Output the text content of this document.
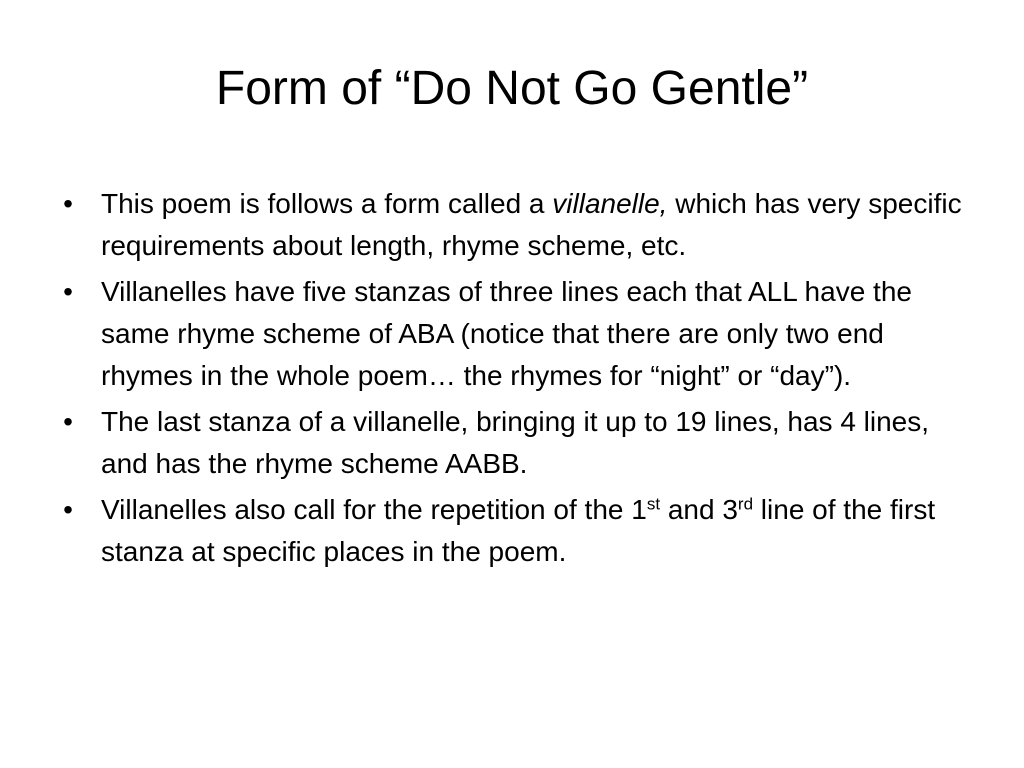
Form of “Do Not Go Gentle”
• This poem is follows a form called a villanelle, which has very specific requirements about length, rhyme scheme, etc.
• Villanelles have five stanzas of three lines each that ALL have the same rhyme scheme of ABA (notice that there are only two end rhymes in the whole poem… the rhymes for “night” or “day”).
• The last stanza of a villanelle, bringing it up to 19 lines, has 4 lines, and has the rhyme scheme AABB.
• Villanelles also call for the repetition of the 1st and 3rd line of the first stanza at specific places in the poem.
